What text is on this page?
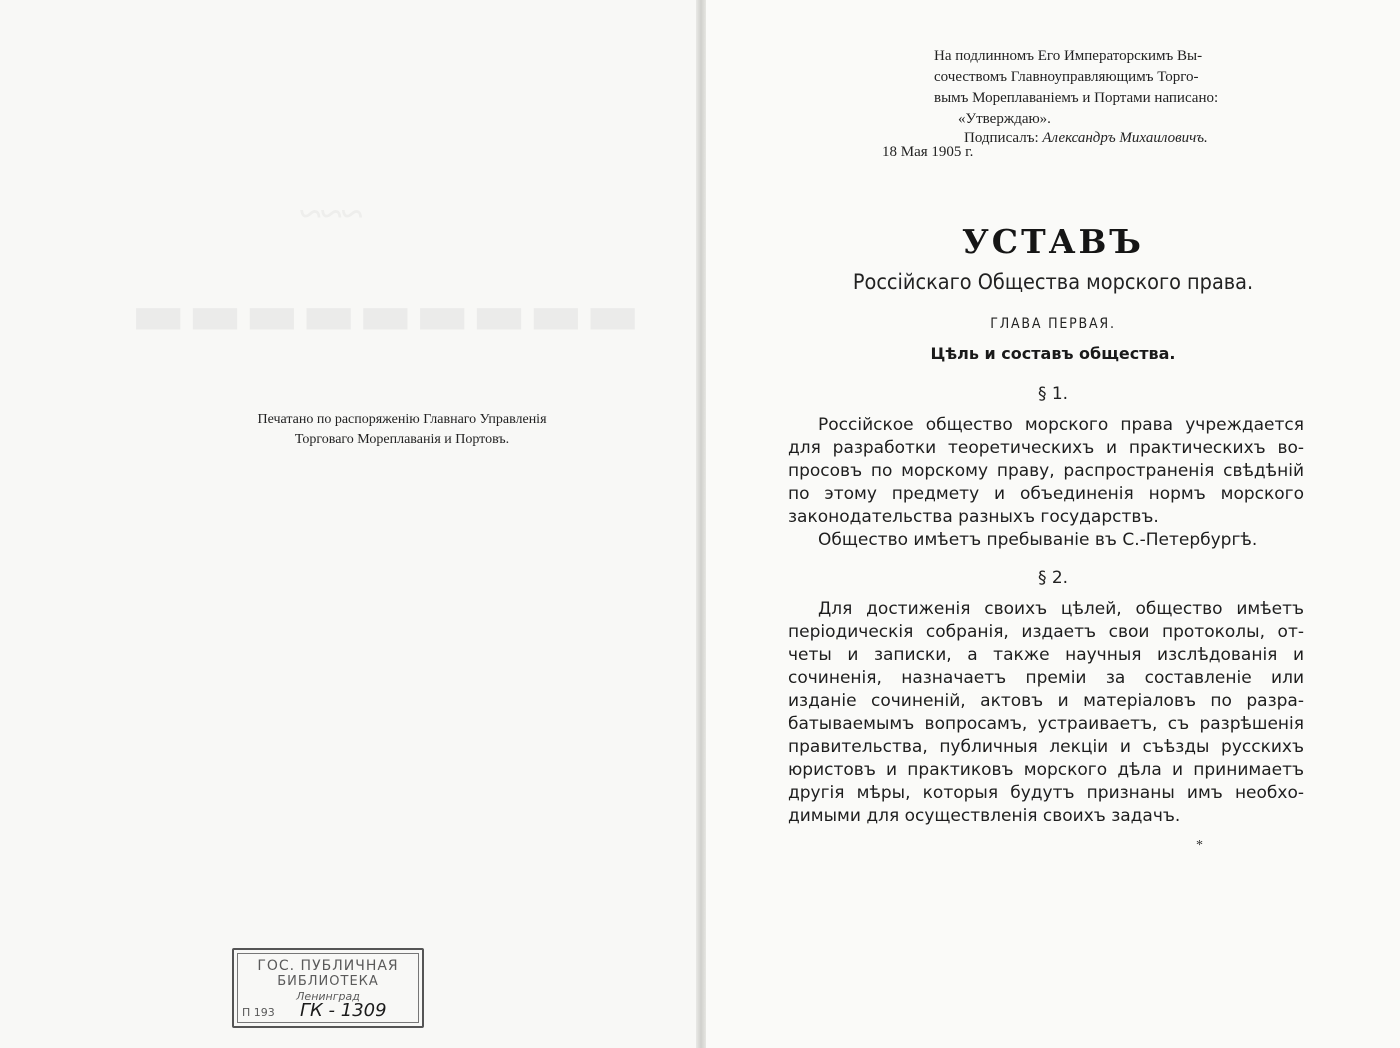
▬▬▬▬▬▬▬▬▬
Печатано по распоряженію Главнаго Управленія
Торговаго Мореплаванія и Портовъ.
ГОС. ПУБЛИЧНАЯ
БИБЛИОТЕКА
Ленинград
П 193 ГК - 1309
На подлинномъ Его Императорскимъ Вы-
сочествомъ Главноуправляющимъ Торго-
вымъ Мореплаваніемъ и Портами написано:
«Утверждаю».
Подписалъ: Александръ Михаиловичъ.
18 Мая 1905 г.
УСТАВЪ
Россійскаго Общества морского права.
ГЛАВА ПЕРВАЯ.
Цѣль и составъ общества.
§ 1.
Россійское общество морского права учреждается
для разработки теоретическихъ и практическихъ во-
просовъ по морскому праву, распространенія свѣдѣній
по этому предмету и объединенія нормъ морского
законодательства разныхъ государствъ.
Общество имѣетъ пребываніе въ С.-Петербургѣ.
§ 2.
Для достиженія своихъ цѣлей, общество имѣетъ
періодическія собранія, издаетъ свои протоколы, от-
четы и записки, а также научныя изслѣдованія и
сочиненія, назначаетъ преміи за составленіе или
изданіе сочиненій, актовъ и матеріаловъ по разра-
батываемымъ вопросамъ, устраиваетъ, съ разрѣшенія
правительства, публичныя лекціи и съѣзды русскихъ
юристовъ и практиковъ морского дѣла и принимаетъ
другія мѣры, которыя будутъ признаны имъ необхо-
димыми для осуществленія своихъ задачъ.
*
